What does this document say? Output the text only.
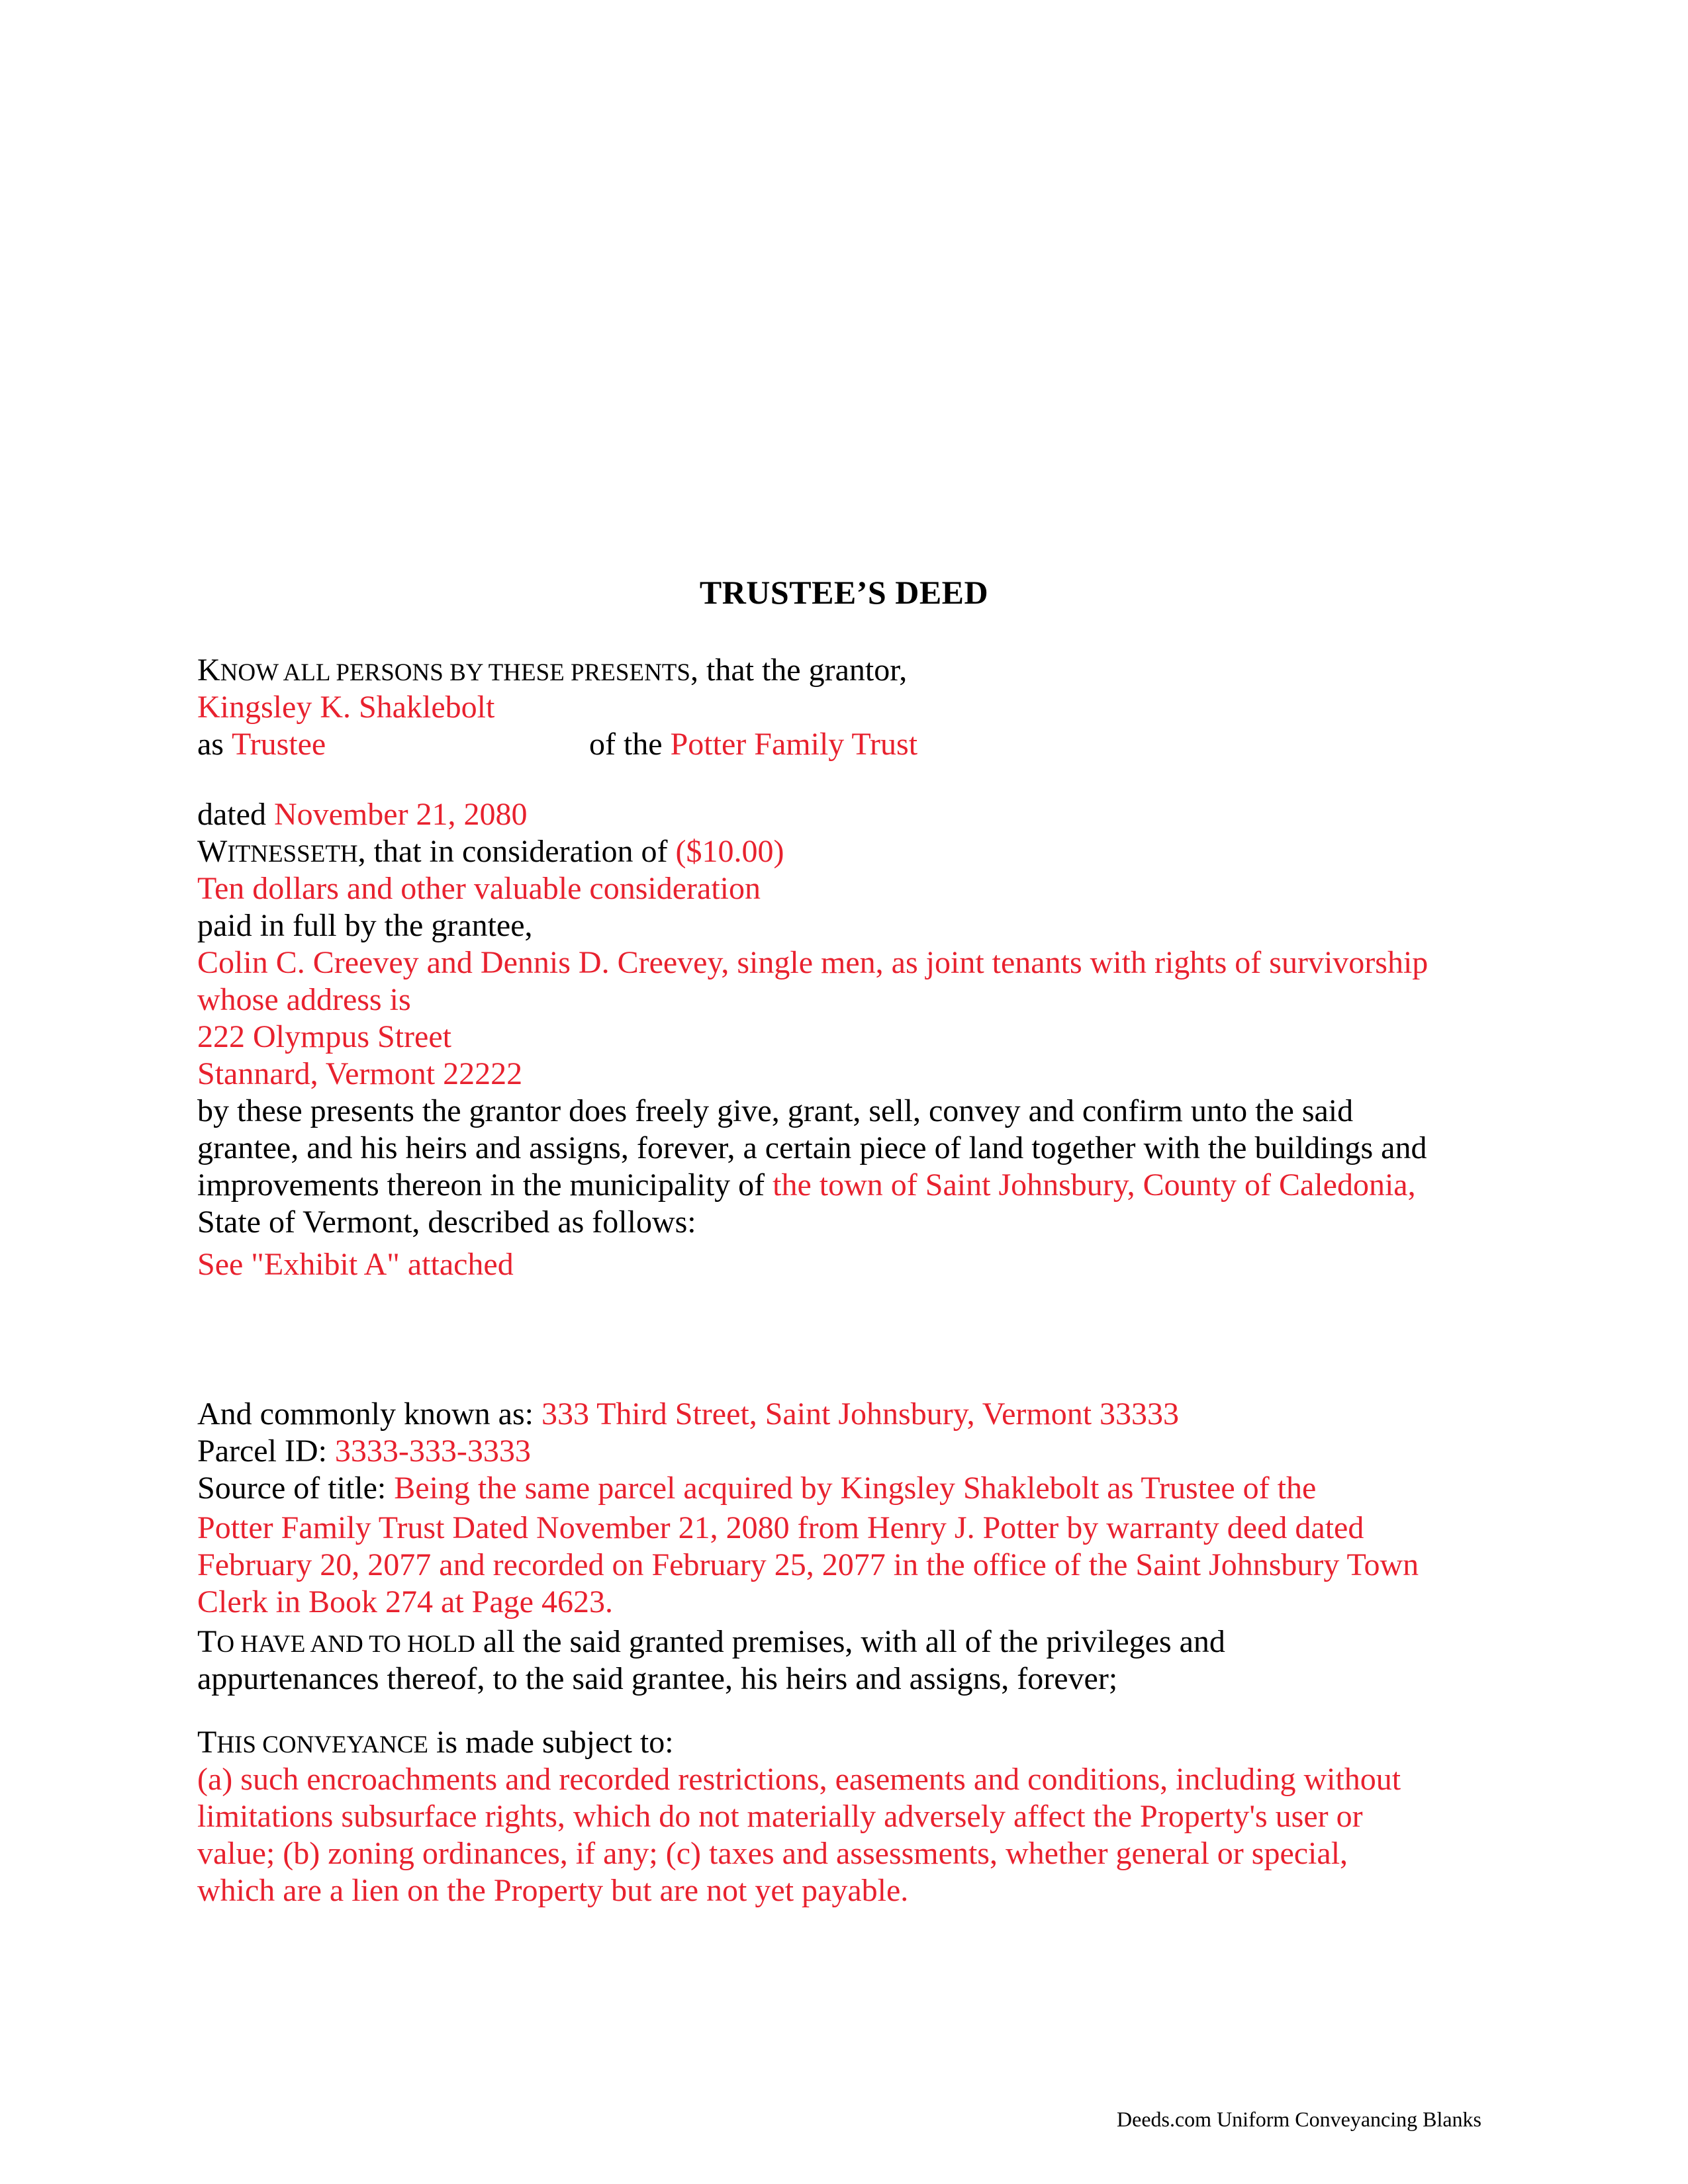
TRUSTEE’S DEED
KNOW ALL PERSONS BY THESE PRESENTS, that the grantor,
Kingsley K. Shaklebolt
as Trustee	of the Potter Family Trust
dated November 21, 2080
WITNESSETH, that in consideration of ($10.00)
Ten dollars and other valuable consideration
paid in full by the grantee,
Colin C. Creevey and Dennis D. Creevey, single men, as joint tenants with rights of survivorship
whose address is
222 Olympus Street
Stannard, Vermont 22222
by these presents the grantor does freely give, grant, sell, convey and confirm unto the said
grantee, and his heirs and assigns, forever, a certain piece of land together with the buildings and
improvements thereon in the municipality of the town of Saint Johnsbury, County of Caledonia,
State of Vermont, described as follows:
See "Exhibit A" attached
And commonly known as: 333 Third Street, Saint Johnsbury, Vermont 33333
Parcel ID: 3333-333-3333
Source of title: Being the same parcel acquired by Kingsley Shaklebolt as Trustee of the
Potter Family Trust Dated November 21, 2080 from Henry J. Potter by warranty deed dated
February 20, 2077 and recorded on February 25, 2077 in the office of the Saint Johnsbury Town
Clerk in Book 274 at Page 4623.
TO HAVE AND TO HOLD all the said granted premises, with all of the privileges and
appurtenances thereof, to the said grantee, his heirs and assigns, forever;
THIS CONVEYANCE is made subject to:
(a) such encroachments and recorded restrictions, easements and conditions, including without
limitations subsurface rights, which do not materially adversely affect the Property's user or
value; (b) zoning ordinances, if any; (c) taxes and assessments, whether general or special,
which are a lien on the Property but are not yet payable.
Deeds.com Uniform Conveyancing Blanks
